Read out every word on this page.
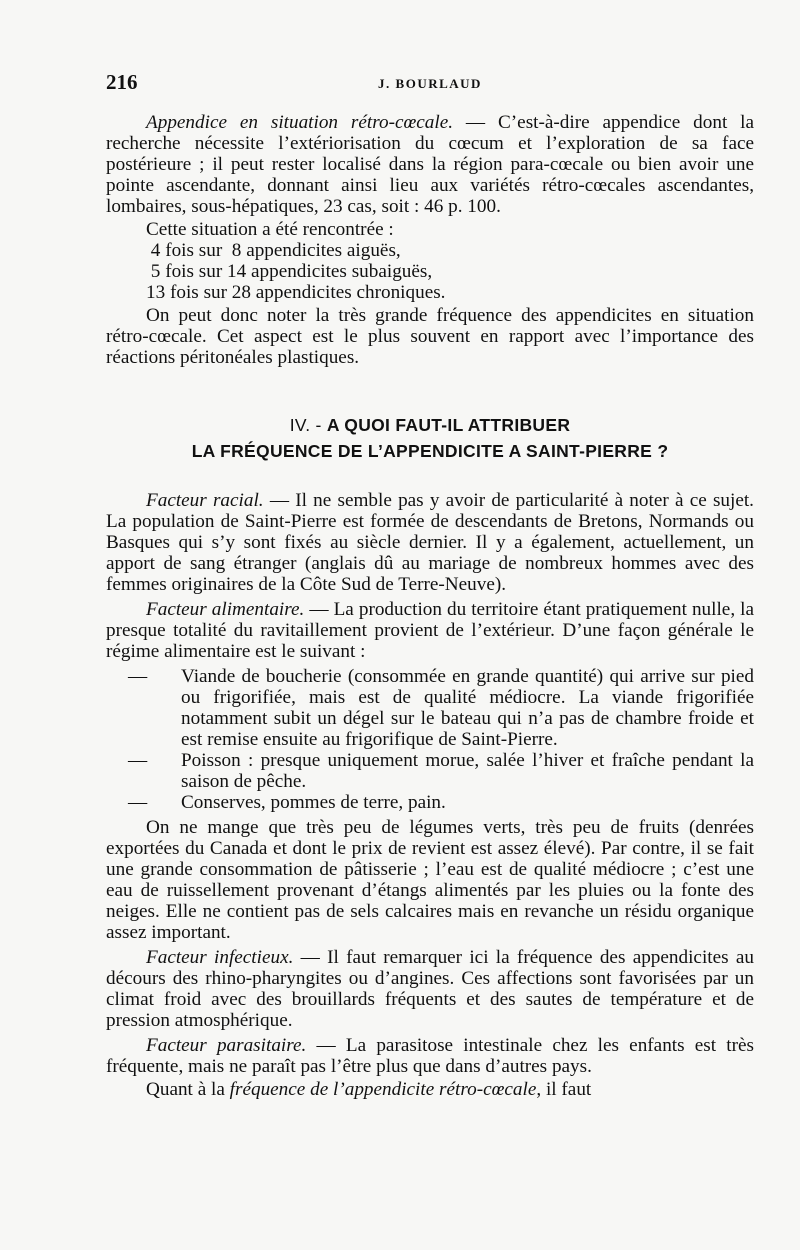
216	J. BOURLAUD

Appendice en situation rétro-cœcale. — C’est-à-dire appendice dont la recherche nécessite l’extériorisation du cœcum et l’exploration de sa face postérieure ; il peut rester localisé dans la région para-cœcale ou bien avoir une pointe ascendante, donnant ainsi lieu aux variétés rétro-cœcales ascendantes, lombaires, sous-hépatiques, 23 cas, soit : 46 p. 100.

Cette situation a été rencontrée :

4 fois sur  8 appendicites aiguës,
5 fois sur 14 appendicites subaiguës,
13 fois sur 28 appendicites chroniques.

On peut donc noter la très grande fréquence des appendicites en situation rétro-cœcale. Cet aspect est le plus souvent en rapport avec l’importance des réactions péritonéales plastiques.

IV. - A QUOI FAUT-IL ATTRIBUER
LA FRÉQUENCE DE L’APPENDICITE A SAINT-PIERRE ?

Facteur racial. — Il ne semble pas y avoir de particularité à noter à ce sujet. La population de Saint-Pierre est formée de descendants de Bretons, Normands ou Basques qui s’y sont fixés au siècle dernier. Il y a également, actuellement, un apport de sang étranger (anglais dû au mariage de nombreux hommes avec des femmes originaires de la Côte Sud de Terre-Neuve).

Facteur alimentaire. — La production du territoire étant pratiquement nulle, la presque totalité du ravitaillement provient de l’extérieur. D’une façon générale le régime alimentaire est le suivant :

— Viande de boucherie (consommée en grande quantité) qui arrive sur pied ou frigorifiée, mais est de qualité médiocre. La viande frigorifiée notamment subit un dégel sur le bateau qui n’a pas de chambre froide et est remise ensuite au frigorifique de Saint-Pierre.
— Poisson : presque uniquement morue, salée l’hiver et fraîche pendant la saison de pêche.
— Conserves, pommes de terre, pain.

On ne mange que très peu de légumes verts, très peu de fruits (denrées exportées du Canada et dont le prix de revient est assez élevé). Par contre, il se fait une grande consommation de pâtisserie ; l’eau est de qualité médiocre ; c’est une eau de ruissellement provenant d’étangs alimentés par les pluies ou la fonte des neiges. Elle ne contient pas de sels calcaires mais en revanche un résidu organique assez important.

Facteur infectieux. — Il faut remarquer ici la fréquence des appendicites au décours des rhino-pharyngites ou d’angines. Ces affections sont favorisées par un climat froid avec des brouillards fréquents et des sautes de température et de pression atmosphérique.

Facteur parasitaire. — La parasitose intestinale chez les enfants est très fréquente, mais ne paraît pas l’être plus que dans d’autres pays.

Quant à la fréquence de l’appendicite rétro-cœcale, il faut
